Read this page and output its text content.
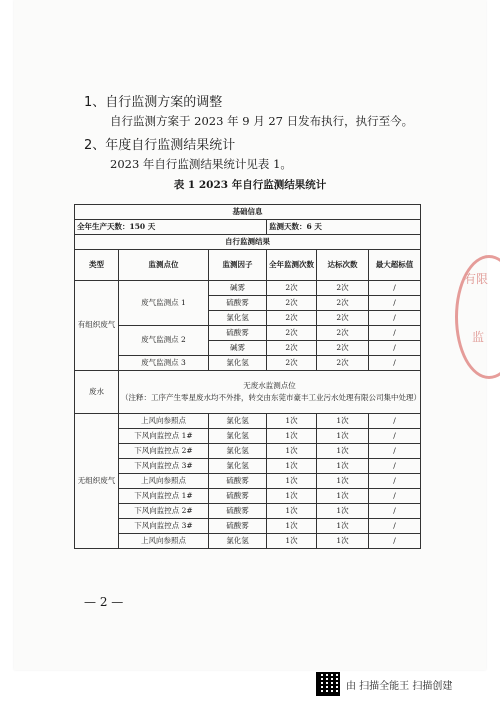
1、自行监测方案的调整
自行监测方案于 2023 年 9 月 27 日发布执行，执行至今。
2、年度自行监测结果统计
2023 年自行监测结果统计见表 1。
表 1 2023 年自行监测结果统计
基础信息					
全年生产天数：150 天			监测天数：6 天		
自行监测结果					
类型	监测点位	监测因子	全年监测次数	达标次数	最大超标值
有组织废气	废气监测点 1	碱雾	2次	2次	/
		硫酸雾	2次	2次	/
		氯化氢	2次	2次	/
	废气监测点 2	硫酸雾	2次	2次	/
		碱雾	2次	2次	/
	废气监测点 3	氯化氢	2次	2次	/
废水	无废水监测点位
（注释：工序产生零星废水均不外排，转交由东莞市豪丰工业污水处理有限公司集中处理）				

无组织废气	上风向参照点	氯化氢	1次	1次	/
	下风向监控点 1#	氯化氢	1次	1次	/
	下风向监控点 2#	氯化氢	1次	1次	/
	下风向监控点 3#	氯化氢	1次	1次	/
	上风向参照点	硫酸雾	1次	1次	/
	下风向监控点 1#	硫酸雾	1次	1次	/
	下风向监控点 2#	硫酸雾	1次	1次	/
	下风向监控点 3#	硫酸雾	1次	1次	/
	上风向参照点	氯化氢	1次	1次	/
— 2 —
有限
监
由 扫描全能王 扫描创建
